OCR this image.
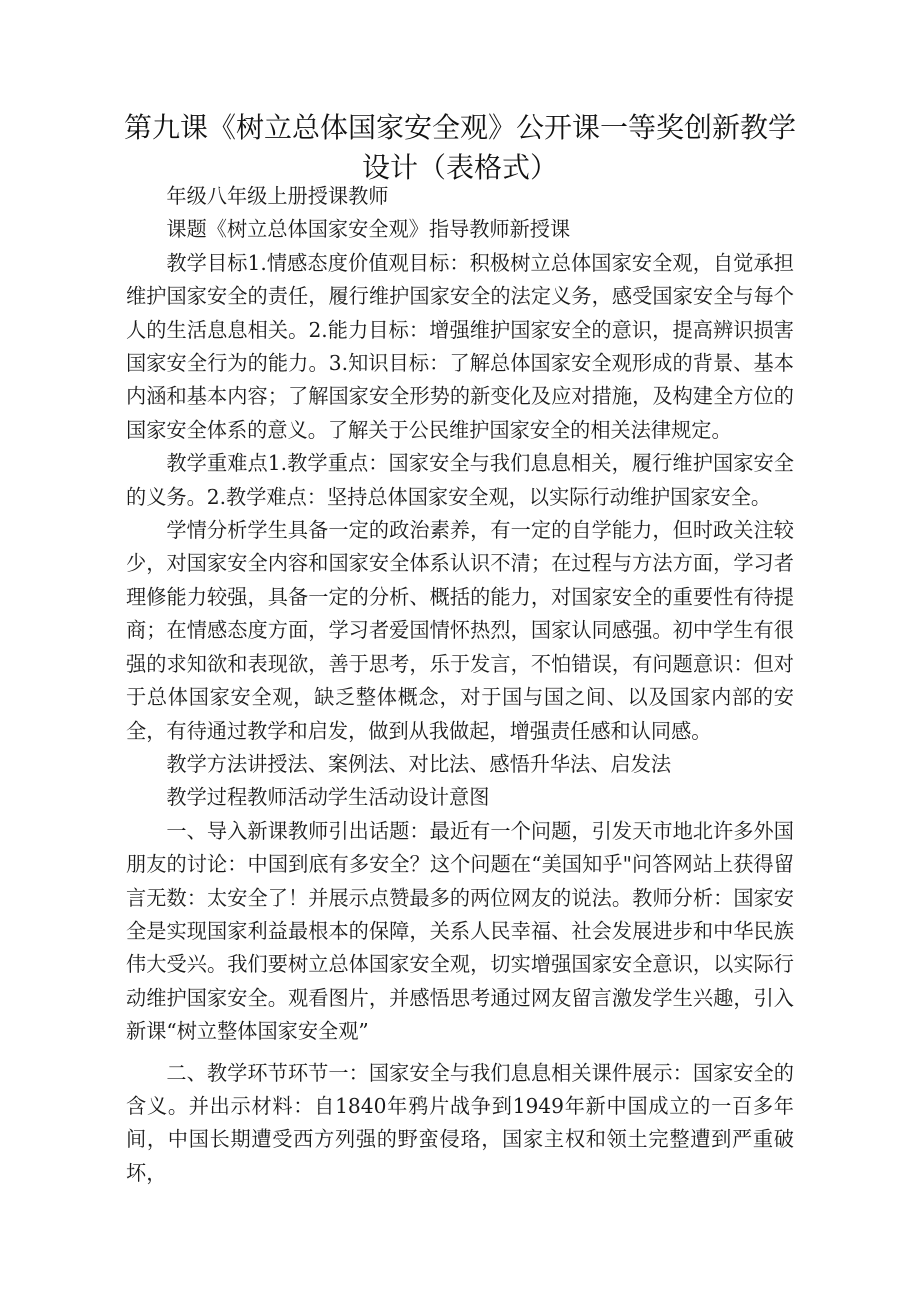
第九课《树立总体国家安全观》公开课一等奖创新教学设计（表格式）

年级八年级上册授课教师

课题《树立总体国家安全观》指导教师新授课

教学目标1.情感态度价值观目标：积极树立总体国家安全观，自觉承担维护国家安全的责任，履行维护国家安全的法定义务，感受国家安全与每个人的生活息息相关。2.能力目标：增强维护国家安全的意识，提高辨识损害国家安全行为的能力。3.知识目标：了解总体国家安全观形成的背景、基本内涵和基本内容；了解国家安全形势的新变化及应对措施，及构建全方位的国家安全体系的意义。了解关于公民维护国家安全的相关法律规定。

教学重难点1.教学重点：国家安全与我们息息相关，履行维护国家安全的义务。2.教学难点：坚持总体国家安全观，以实际行动维护国家安全。

学情分析学生具备一定的政治素养，有一定的自学能力，但时政关注较少，对国家安全内容和国家安全体系认识不清；在过程与方法方面，学习者理修能力较强，具备一定的分析、概括的能力，对国家安全的重要性有待提商；在情感态度方面，学习者爱国情怀热烈，国家认同感强。初中学生有很强的求知欲和表现欲，善于思考，乐于发言，不怕错误，有问题意识：但对于总体国家安全观，缺乏整体概念，对于国与国之间、以及国家内部的安全，有待通过教学和启发，做到从我做起，增强责任感和认同感。

教学方法讲授法、案例法、对比法、感悟升华法、启发法

教学过程教师活动学生活动设计意图

一、导入新课教师引出话题：最近有一个问题，引发天市地北许多外国朋友的讨论：中国到底有多安全？这个问题在“美国知乎"问答网站上获得留言无数：太安全了！并展示点赞最多的两位网友的说法。教师分析：国家安全是实现国家利益最根本的保障，关系人民幸福、社会发展进步和中华民族伟大受兴。我们要树立总体国家安全观，切实增强国家安全意识，以实际行动维护国家安全。观看图片，并感悟思考通过网友留言激发学生兴趣，引入新课“树立整体国家安全观”

二、教学环节环节一：国家安全与我们息息相关课件展示：国家安全的含义。并出示材料：自1840年鸦片战争到1949年新中国成立的一百多年间，中国长期遭受西方列强的野蛮侵珞，国家主权和领土完整遭到严重破坏，
